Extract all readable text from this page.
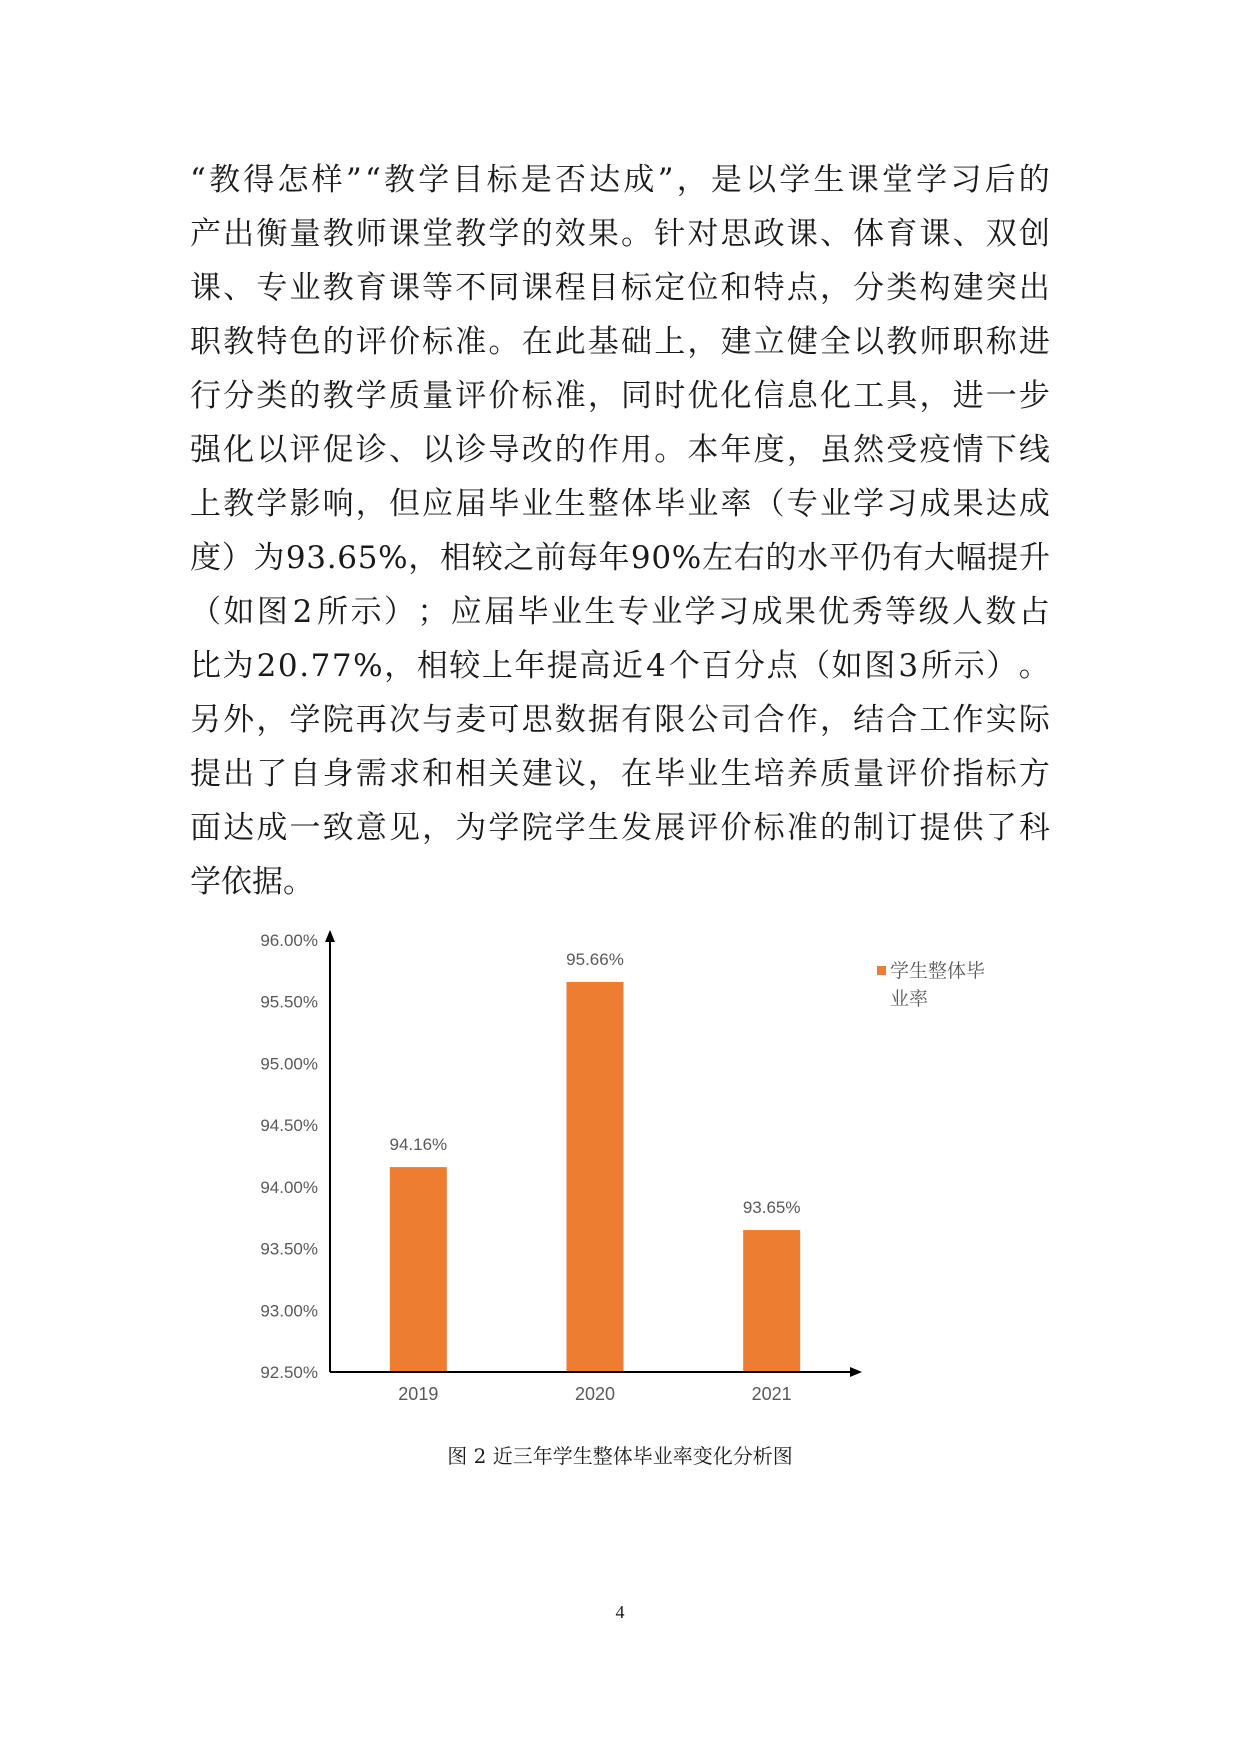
“ 教 得 怎 样 ” “ 教 学 目 标 是 否 达 成 ” ， 是 以 学 生 课 堂 学 习 后 的
产 出 衡 量 教 师 课 堂 教 学 的 效 果 。 针 对 思 政 课 、 体 育 课 、 双 创
课 、 专 业 教 育 课 等 不 同 课 程 目 标 定 位 和 特 点 ， 分 类 构 建 突 出
职 教 特 色 的 评 价 标 准 。 在 此 基 础 上 ， 建 立 健 全 以 教 师 职 称 进
行 分 类 的 教 学 质 量 评 价 标 准 ， 同 时 优 化 信 息 化 工 具 ， 进 一 步
强 化 以 评 促 诊 、 以 诊 导 改 的 作 用 。 本 年 度 ， 虽 然 受 疫 情 下 线
上 教 学 影 响 ， 但 应 届 毕 业 生 整 体 毕 业 率 （ 专 业 学 习 成 果 达 成
度 ） 为 9 3 . 6 5 % ， 相 较 之 前 每 年 9 0 % 左 右 的 水 平 仍 有 大 幅 提 升
（ 如 图 2 所 示 ） ； 应 届 毕 业 生 专 业 学 习 成 果 优 秀 等 级 人 数 占
比 为 2 0 . 7 7 % ， 相 较 上 年 提 高 近 4 个 百 分 点 （ 如 图 3 所 示 ） 。
另 外 ， 学 院 再 次 与 麦 可 思 数 据 有 限 公 司 合 作 ， 结 合 工 作 实 际
提 出 了 自 身 需 求 和 相 关 建 议 ， 在 毕 业 生 培 养 质 量 评 价 指 标 方
面 达 成 一 致 意 见 ， 为 学 院 学 生 发 展 评 价 标 准 的 制 订 提 供 了 科
学依据。
92.50%
93.00%
93.50%
94.00%
94.50%
95.00%
95.50%
96.00%
94.16%
2019
95.66%
2020
93.65%
2021
学生整体毕
业率
图 2 近三年学生整体毕业率变化分析图
4
